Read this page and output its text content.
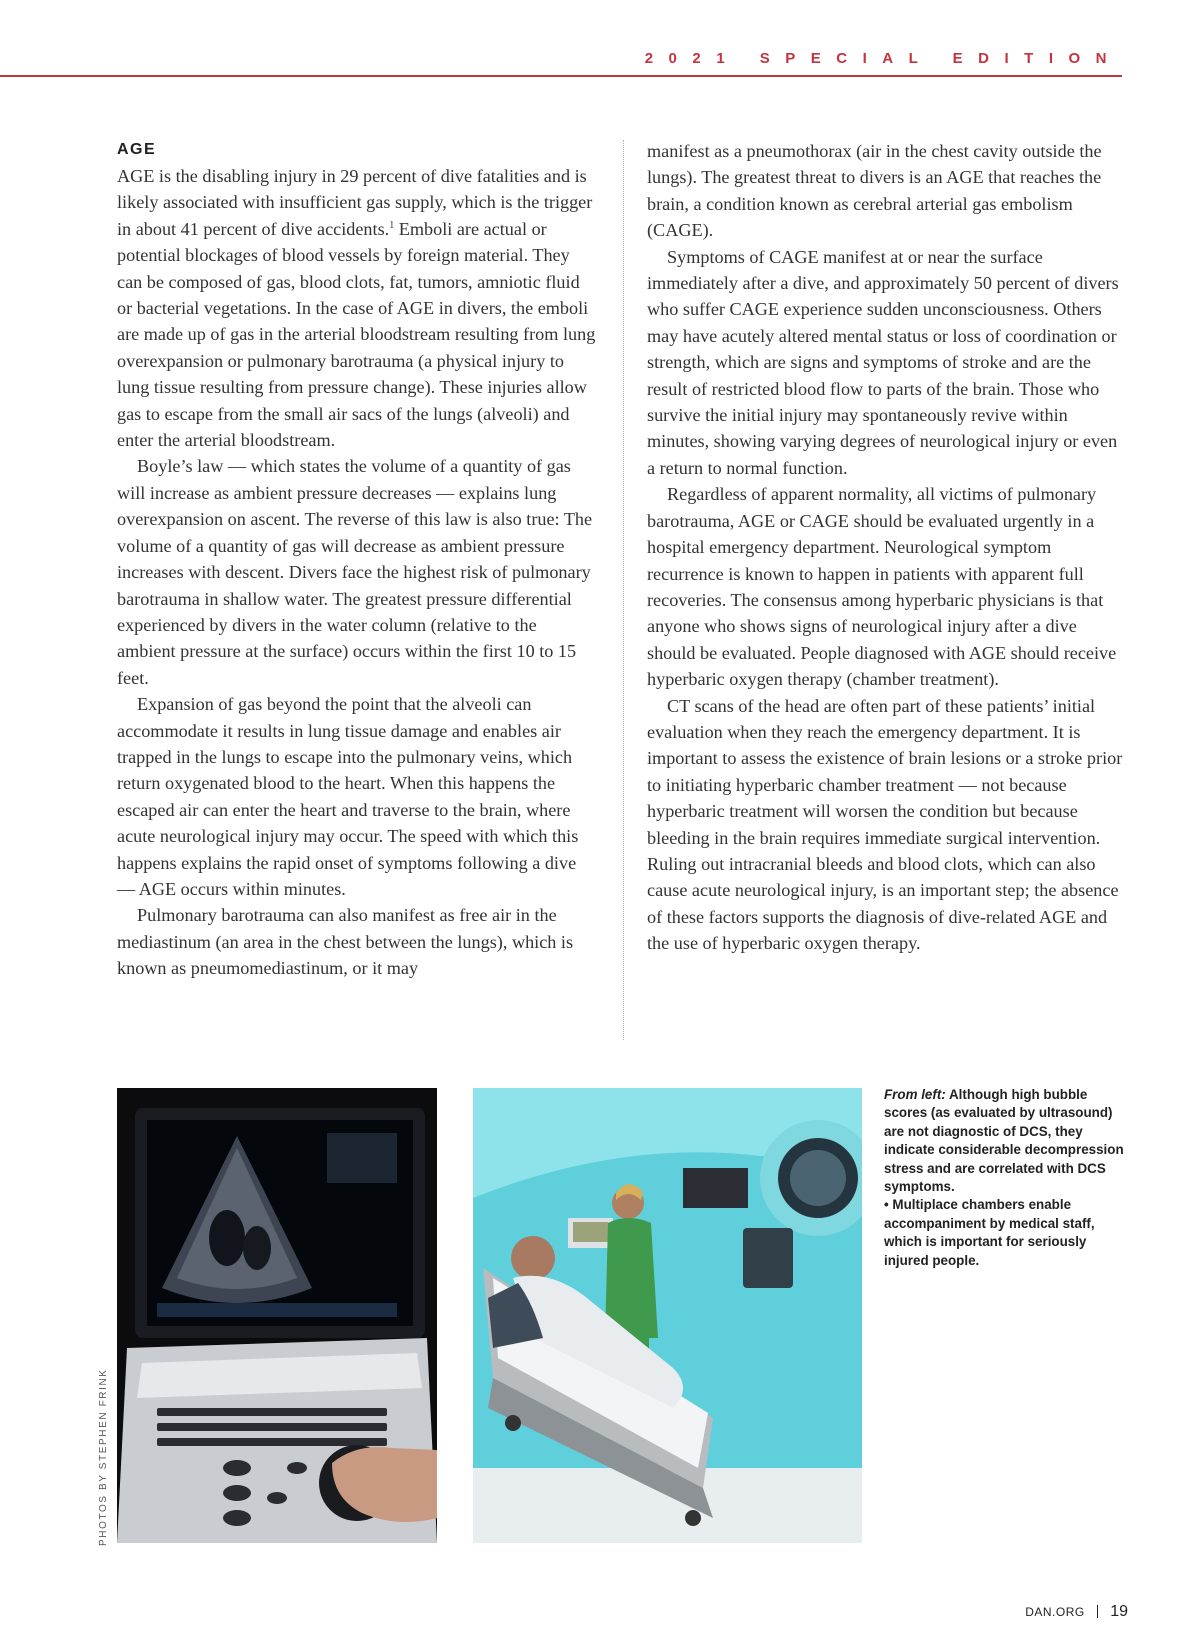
2021 SPECIAL EDITION
AGE

AGE is the disabling injury in 29 percent of dive fatalities and is likely associated with insufficient gas supply, which is the trigger in about 41 percent of dive accidents.$^1$ Emboli are actual or potential blockages of blood vessels by foreign material. They can be composed of gas, blood clots, fat, tumors, amniotic fluid or bacterial vegetations. In the case of AGE in divers, the emboli are made up of gas in the arterial bloodstream resulting from lung overexpansion or pulmonary barotrauma (a physical injury to lung tissue resulting from pressure change). These injuries allow gas to escape from the small air sacs of the lungs (alveoli) and enter the arterial bloodstream.

Boyle’s law — which states the volume of a quantity of gas will increase as ambient pressure decreases — explains lung overexpansion on ascent. The reverse of this law is also true: The volume of a quantity of gas will decrease as ambient pressure increases with descent. Divers face the highest risk of pulmonary barotrauma in shallow water. The greatest pressure differential experienced by divers in the water column (relative to the ambient pressure at the surface) occurs within the first 10 to 15 feet.

Expansion of gas beyond the point that the alveoli can accommodate it results in lung tissue damage and enables air trapped in the lungs to escape into the pulmonary veins, which return oxygenated blood to the heart. When this happens the escaped air can enter the heart and traverse to the brain, where acute neurological injury may occur. The speed with which this happens explains the rapid onset of symptoms following a dive — AGE occurs within minutes.

Pulmonary barotrauma can also manifest as free air in the mediastinum (an area in the chest between the lungs), which is known as pneumomediastinum, or it may

manifest as a pneumothorax (air in the chest cavity outside the lungs). The greatest threat to divers is an AGE that reaches the brain, a condition known as cerebral arterial gas embolism (CAGE).

Symptoms of CAGE manifest at or near the surface immediately after a dive, and approximately 50 percent of divers who suffer CAGE experience sudden unconsciousness. Others may have acutely altered mental status or loss of coordination or strength, which are signs and symptoms of stroke and are the result of restricted blood flow to parts of the brain. Those who survive the initial injury may spontaneously revive within minutes, showing varying degrees of neurological injury or even a return to normal function.

Regardless of apparent normality, all victims of pulmonary barotrauma, AGE or CAGE should be evaluated urgently in a hospital emergency department. Neurological symptom recurrence is known to happen in patients with apparent full recoveries. The consensus among hyperbaric physicians is that anyone who shows signs of neurological injury after a dive should be evaluated. People diagnosed with AGE should receive hyperbaric oxygen therapy (chamber treatment).

CT scans of the head are often part of these patients’ initial evaluation when they reach the emergency department. It is important to assess the existence of brain lesions or a stroke prior to initiating hyperbaric chamber treatment — not because hyperbaric treatment will worsen the condition but because bleeding in the brain requires immediate surgical intervention. Ruling out intracranial bleeds and blood clots, which can also cause acute neurological injury, is an important step; the absence of these factors supports the diagnosis of dive-related AGE and the use of hyperbaric oxygen therapy.

PHOTOS BY STEPHEN FRINK
From left: Although high bubble scores (as evaluated by ultrasound) are not diagnostic of DCS, they indicate considerable decompression stress and are correlated with DCS symptoms.
• Multiplace chambers enable accompaniment by medical staff, which is important for seriously injured people.
DAN.ORG 19
